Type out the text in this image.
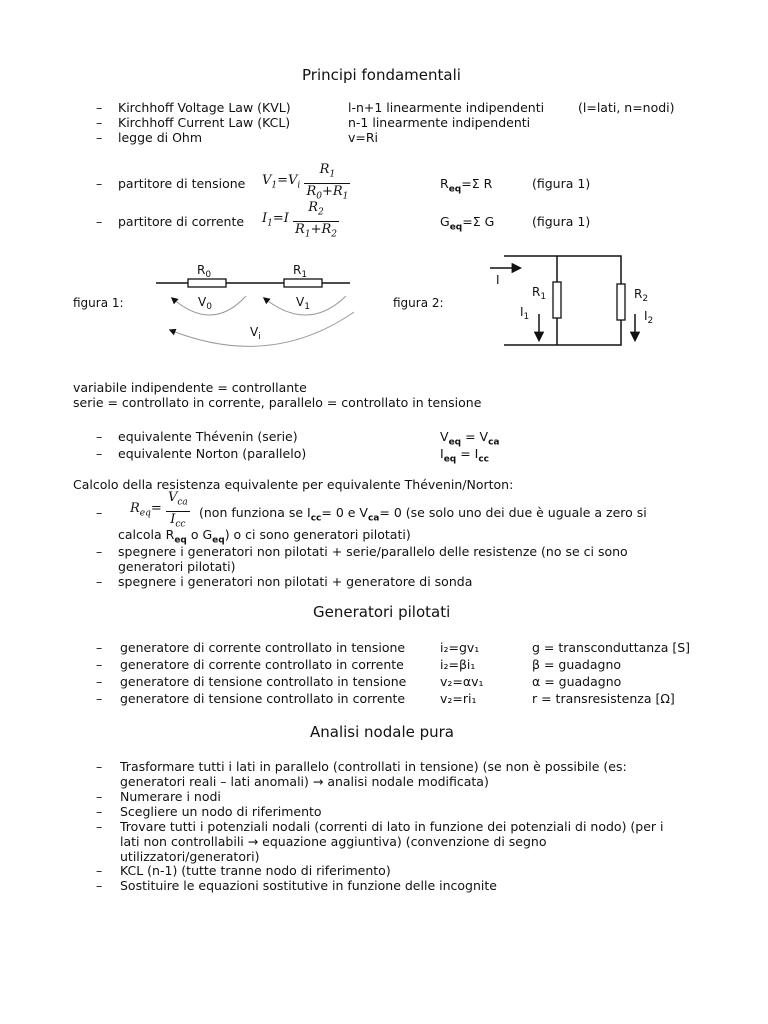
Principi fondamentali
– Kirchhoff Voltage Law (KVL)	l-n+1 linearmente indipendenti	(l=lati, n=nodi)
– Kirchhoff Current Law (KCL)	n-1 linearmente indipendenti
– legge di Ohm	v=Ri
– partitore di tensione $V_1=V_i \frac{R_1}{R_0+R_1}$	$R_{eq}=\Sigma$ R	(figura 1)
– partitore di corrente $I_1=I \frac{R_2}{R_1+R_2}$	$G_{eq}=\Sigma$ G	(figura 1)
figura 1:
$R_0$	$R_1$
$V_0$	$V_1$
$V_i$
figura 2:
I
$R_1$	$R_2$
$I_1$	$I_2$
variabile indipendente = controllante
serie = controllato in corrente, parallelo = controllato in tensione
– equivalente Thévenin (serie)	$V_{eq} = V_{ca}$
– equivalente Norton (parallelo)	$I_{eq} = I_{cc}$
Calcolo della resistenza equivalente per equivalente Thévenin/Norton:
– $R_{eq}= \frac{V_{ca}}{I_{cc}} (non$ funziona se $I_{cc}= 0$ e $V_{ca}= 0$ (se solo uno dei due è uguale a zero si
calcola $R_{eq}$ o $G_{eq}$) o ci sono generatori pilotati)
– spegnere i generatori non pilotati + serie/parallelo delle resistenze (no se ci sono
generatori pilotati)
– spegnere i generatori non pilotati + generatore di sonda
Generatori pilotati
– generatore di corrente controllato in tensione	i₂=gv₁	g = transconduttanza [S]
– generatore di corrente controllato in corrente	i₂=βi₁	β = guadagno
– generatore di tensione controllato in tensione	v₂=αv₁	α = guadagno
– generatore di tensione controllato in corrente	v₂=ri₁	r = transresistenza [Ω]
Analisi nodale pura
– Trasformare tutti i lati in parallelo (controllati in tensione) (se non è possibile (es:
generatori reali – lati anomali) → analisi nodale modificata)
– Numerare i nodi
– Scegliere un nodo di riferimento
– Trovare tutti i potenziali nodali (correnti di lato in funzione dei potenziali di nodo) (per i
lati non controllabili → equazione aggiuntiva) (convenzione di segno
utilizzatori/generatori)
– KCL (n-1) (tutte tranne nodo di riferimento)
– Sostituire le equazioni sostitutive in funzione delle incognite
